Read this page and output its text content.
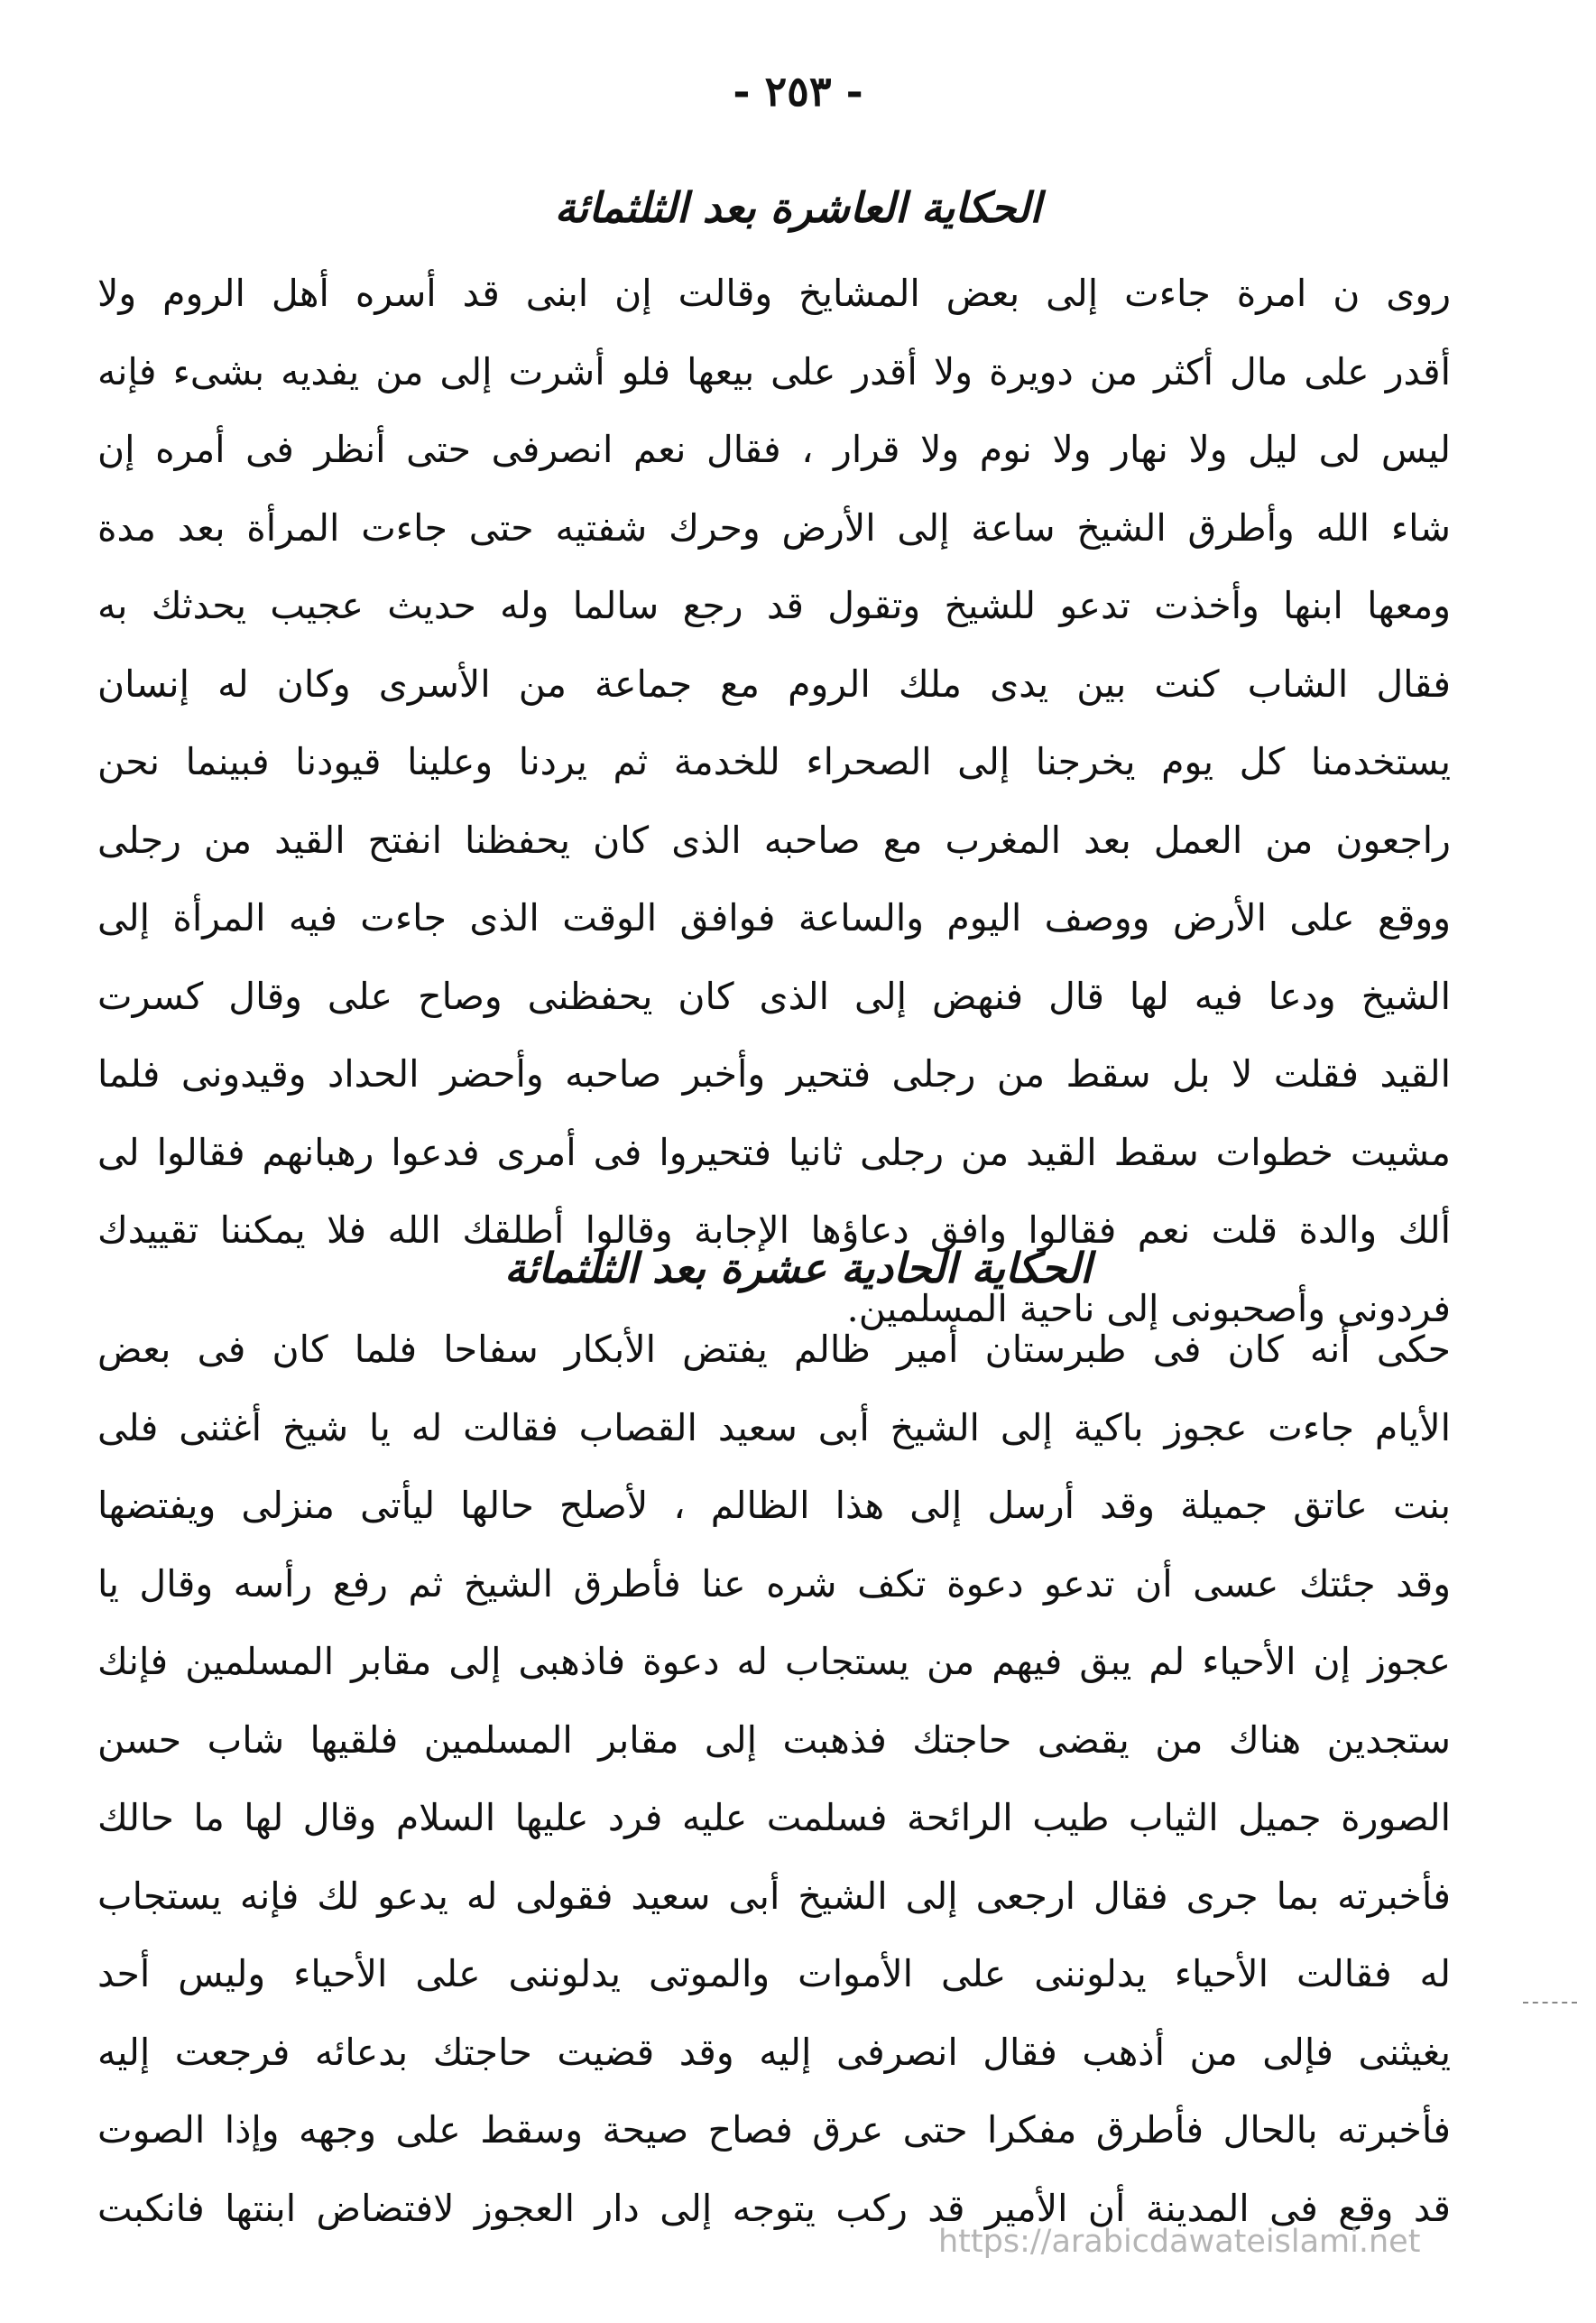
- ٢٥٣ -
الحكاية العاشرة بعد الثلثمائة
روى ن امرة جاءت إلى بعض المشايخ وقالت إن ابنى قد أسره أهل الروم ولا
أقدر على مال أكثر من دويرة ولا أقدر على بيعها فلو أشرت إلى من يفديه بشىء فإنه
ليس لى ليل ولا نهار ولا نوم ولا قرار ، فقال نعم انصرفى حتى أنظر فى أمره إن
شاء الله وأطرق الشيخ ساعة إلى الأرض وحرك شفتيه حتى جاءت المرأة بعد مدة
ومعها ابنها وأخذت تدعو للشيخ وتقول قد رجع سالما وله حديث عجيب يحدثك به
فقال الشاب كنت بين يدى ملك الروم مع جماعة من الأسرى وكان له إنسان
يستخدمنا كل يوم يخرجنا إلى الصحراء للخدمة ثم يردنا وعلينا قيودنا فبينما نحن
راجعون من العمل بعد المغرب مع صاحبه الذى كان يحفظنا انفتح القيد من رجلى
ووقع على الأرض ووصف اليوم والساعة فوافق الوقت الذى جاءت فيه المرأة إلى
الشيخ ودعا فيه لها قال فنهض إلى الذى كان يحفظنى وصاح على وقال كسرت
القيد فقلت لا بل سقط من رجلى فتحير وأخبر صاحبه وأحضر الحداد وقيدونى فلما
مشيت خطوات سقط القيد من رجلى ثانيا فتحيروا فى أمرى فدعوا رهبانهم فقالوا لى
ألك والدة قلت نعم فقالوا وافق دعاؤها الإجابة وقالوا أطلقك الله فلا يمكننا تقييدك
فردونى وأصحبونى إلى ناحية المسلمين.
الحكاية الحادية عشرة بعد الثلثمائة
حكى أنه كان فى طبرستان أمير ظالم يفتض الأبكار سفاحا فلما كان فى بعض
الأيام جاءت عجوز باكية إلى الشيخ أبى سعيد القصاب فقالت له يا شيخ أغثنى فلى
بنت عاتق جميلة وقد أرسل إلى هذا الظالم ، لأصلح حالها ليأتى منزلى ويفتضها
وقد جئتك عسى أن تدعو دعوة تكف شره عنا فأطرق الشيخ ثم رفع رأسه وقال يا
عجوز إن الأحياء لم يبق فيهم من يستجاب له دعوة فاذهبى إلى مقابر المسلمين فإنك
ستجدين هناك من يقضى حاجتك فذهبت إلى مقابر المسلمين فلقيها شاب حسن
الصورة جميل الثياب طيب الرائحة فسلمت عليه فرد عليها السلام وقال لها ما حالك
فأخبرته بما جرى فقال ارجعى إلى الشيخ أبى سعيد فقولى له يدعو لك فإنه يستجاب
له فقالت الأحياء يدلوننى على الأموات والموتى يدلوننى على الأحياء وليس أحد
يغيثنى فإلى من أذهب فقال انصرفى إليه وقد قضيت حاجتك بدعائه فرجعت إليه
فأخبرته بالحال فأطرق مفكرا حتى عرق فصاح صيحة وسقط على وجهه وإذا الصوت
قد وقع فى المدينة أن الأمير قد ركب يتوجه إلى دار العجوز لافتضاض ابنتها فانكبت
https://arabicdawateislami.net
